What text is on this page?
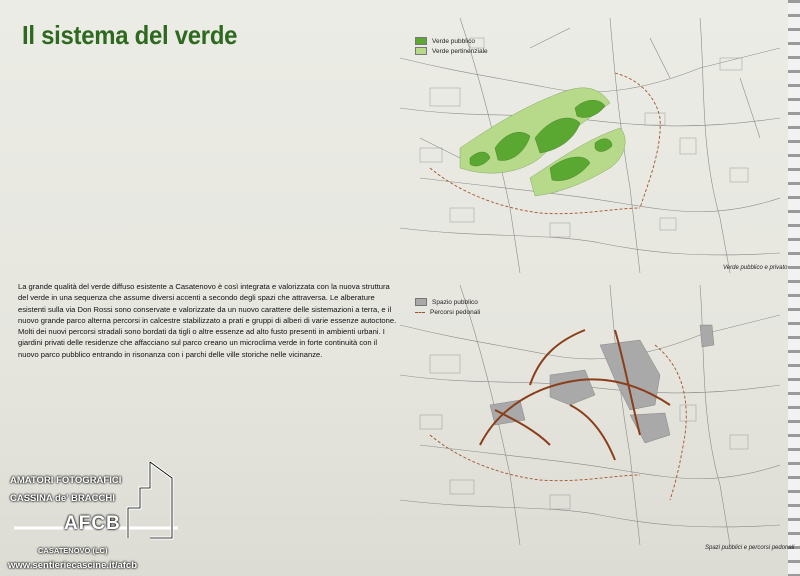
Il sistema del verde
La grande qualità del verde diffuso esistente a Casatenovo è così integrata e valorizzata con la nuova struttura del verde in una sequenza che assume diversi accenti a secondo degli spazi che attraversa. Le alberature esistenti sulla via Don Rossi sono conservate e valorizzate da un nuovo carattere delle sistemazioni a terra, e il nuovo grande parco alterna percorsi in calcestre stabilizzato a prati e gruppi di alberi di varie essenze autoctone. Molti dei nuovi percorsi stradali sono bordati da tigli o altre essenze ad alto fusto presenti in ambienti urbani. I giardini privati delle residenze che affacciano sul parco creano un microclima verde in forte continuità con il nuovo parco pubblico entrando in risonanza con i parchi delle ville storiche nelle vicinanze.
Verde pubblico
Verde pertinenziale
Verde pubblico e privato
Spazio pubblico
Percorsi pedonali
Spazi pubblici e percorsi pedonali
AMATORI FOTOGRAFICI
CASSINA de' BRACCHI
AFCB
CASATENOVO (LC)
www.sentieriecascine.it/afcb
